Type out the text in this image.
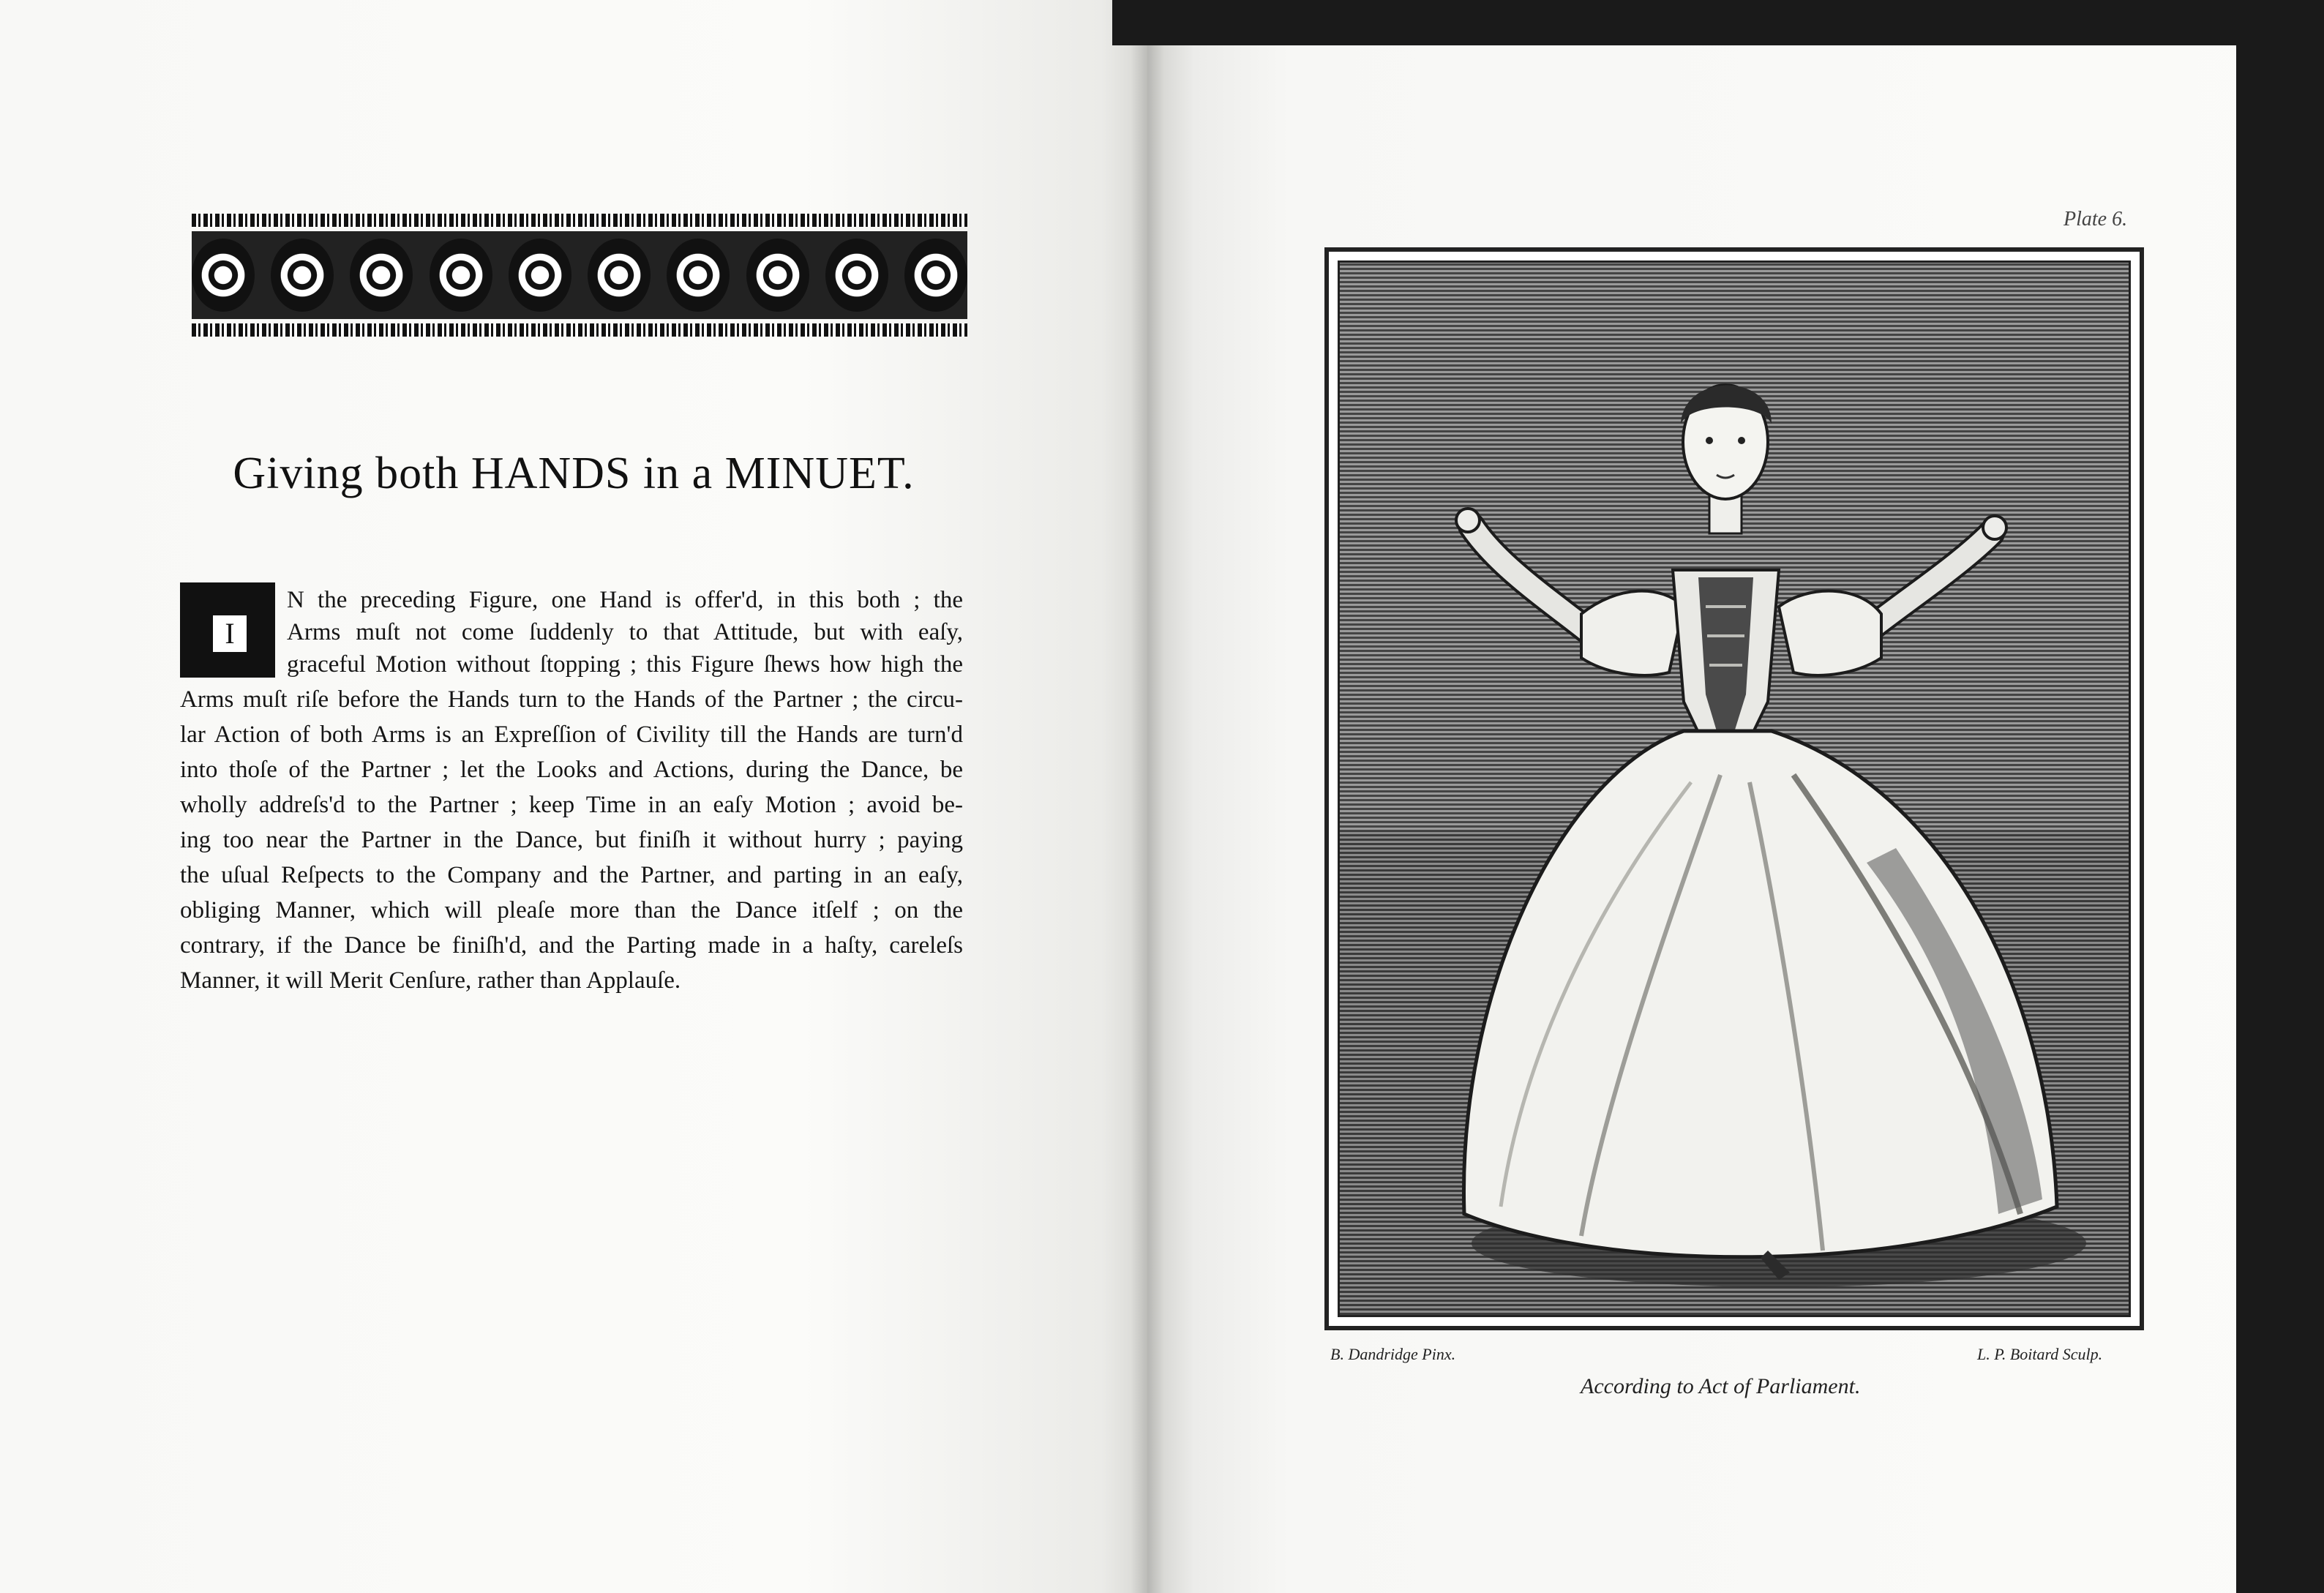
Giving both HANDS in a MINUET.
I
N the preceding Figure, one Hand is offer'd, in this both ; the
Arms muſt not come ſuddenly to that Attitude, but with eaſy,
graceful Motion without ſtopping ; this Figure ſhews how high the
Arms muſt riſe before the Hands turn to the Hands of the Partner ; the circu-
lar Action of both Arms is an Expreſſion of Civility till the Hands are turn'd
into thoſe of the Partner ; let the Looks and Actions, during the Dance, be
wholly addreſs'd to the Partner ; keep Time in an eaſy Motion ; avoid be-
ing too near the Partner in the Dance, but finiſh it without hurry ; paying
the uſual Reſpects to the Company and the Partner, and parting in an eaſy,
obliging Manner, which will pleaſe more than the Dance itſelf ; on the
contrary, if the Dance be finiſh'd, and the Parting made in a haſty, careleſs
Manner, it will Merit Cenſure, rather than Applauſe.
Plate 6.
B. Dandridge Pinx.	L. P. Boitard Sculp.
According to Act of Parliament.
